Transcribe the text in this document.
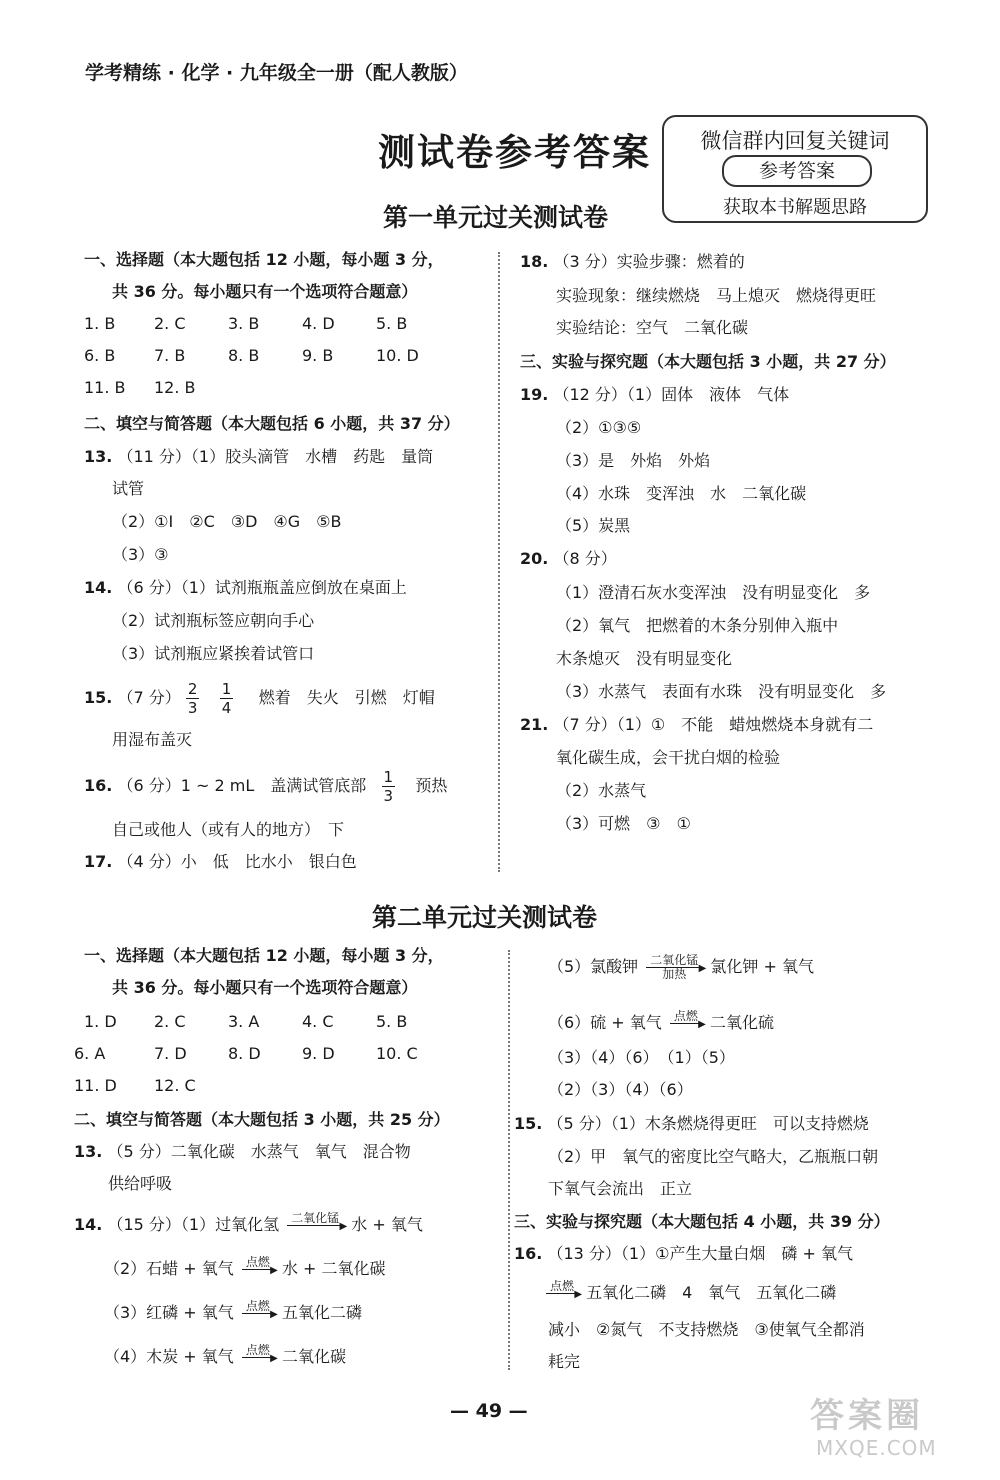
学考精练 · 化学 · 九年级全一册（配人教版）
测试卷参考答案	微信群内回复关键词
参考答案
获取本书解题思路
第一单元过关测试卷
一、选择题（本大题包括 12 小题，每小题 3 分，
共 36 分。每小题只有一个选项符合题意）
1. B 2. C	3. B	4. D	5. B
6. B 7. B	8. B	9. B	10. D
11. B 12. B
二、填空与简答题（本大题包括 6 小题，共 37 分）
13. （11 分）（1）胶头滴管　水槽　药匙　量筒
试管
（2）①I　②C　③D　④G　⑤B
（3）③
14. （6 分）（1）试剂瓶瓶盖应倒放在桌面上
（2）试剂瓶标签应朝向手心
（3）试剂瓶应紧挨着试管口
15. （7 分） $\frac{2}{3}$
$\frac{1}{4}$ 燃着　失火　引燃　灯帽
用湿布盖灭
16. （6 分）1 ~ 2 mL　盖满试管底部 $\frac{1}{3}$ 预热
自己或他人（或有人的地方）　下
17. （4 分）小　低　比水小　银白色
18. （3 分）实验步骤：燃着的
实验现象：继续燃烧　马上熄灭　燃烧得更旺
实验结论：空气　二氧化碳
三、实验与探究题（本大题包括 3 小题，共 27 分）
19. （12 分）（1）固体　液体　气体
（2）①③⑤
（3）是　外焰　外焰
（4）水珠　变浑浊　水　二氧化碳
（5）炭黑
20. （8 分）
（1）澄清石灰水变浑浊　没有明显变化　多
（2）氧气　把燃着的木条分别伸入瓶中
木条熄灭　没有明显变化
（3）水蒸气　表面有水珠　没有明显变化　多
21. （7 分）（1）①　不能　蜡烛燃烧本身就有二
氧化碳生成，会干扰白烟的检验
（2）水蒸气
（3）可燃　③　①
第二单元过关测试卷
一、选择题（本大题包括 12 小题，每小题 3 分，
共 36 分。每小题只有一个选项符合题意）
1. D 2. C	3. A	4. C	5. B
6. A	7. D	8. D	9. D	10. C
11. D 12. C
二、填空与简答题（本大题包括 3 小题，共 25 分）
13. （5 分）二氧化碳　水蒸气　氧气　混合物
供给呼吸
14. （15 分）（1）过氧化氢	二氧化锰
▶ 水 + 氧气
（2）石蜡 + 氧气	点燃
▶ 水 + 二氧化碳
（3）红磷 + 氧气	点燃
▶ 五氧化二磷
（4）木炭 + 氧气	点燃
▶ 二氧化碳
（5）氯酸钾	二氧化锰
加热	▶ 氯化钾 + 氧气
（6）硫 + 氧气	点燃
▶ 二氧化硫
（3）（4）（6）　（1）（5）
（2）（3）（4）（6）
15. （5 分）（1）木条燃烧得更旺　可以支持燃烧
（2）甲　氧气的密度比空气略大，乙瓶瓶口朝
下氧气会流出　正立
三、实验与探究题（本大题包括 4 小题，共 39 分）
16. （13 分）（1）①产生大量白烟　磷 + 氧气
点燃
▶ 五氧化二磷　4　氧气　五氧化二磷
减小　②氮气　不支持燃烧　③使氧气全都消
耗完
— 49 —	答案圈
MXQE.COM
